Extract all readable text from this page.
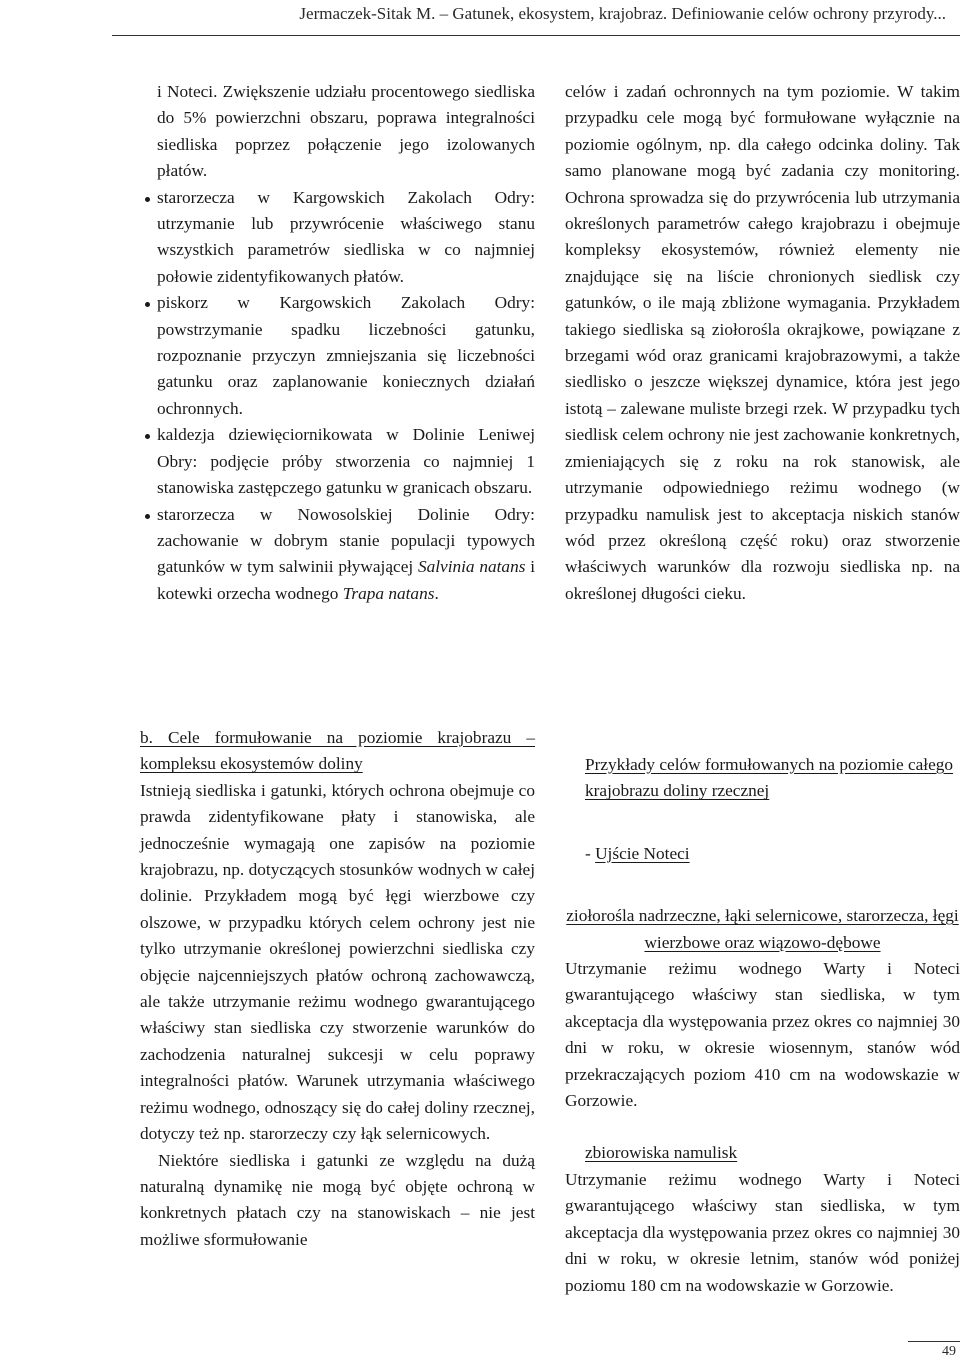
Jermaczek-Sitak M. – Gatunek, ekosystem, krajobraz. Definiowanie celów ochrony przyrody...

i Noteci. Zwiększenie udziału procentowego siedliska do 5% powierzchni obszaru, poprawa integralności siedliska poprzez połączenie jego izolowanych płatów.

starorzecza w Kargowskich Zakolach Odry: utrzymanie lub przywrócenie właściwego stanu wszystkich parametrów siedliska w co najmniej połowie zidentyfikowanych płatów.
piskorz w Kargowskich Zakolach Odry: powstrzymanie spadku liczebności gatunku, rozpoznanie przyczyn zmniejszania się liczebności gatunku oraz zaplanowanie koniecznych działań ochronnych.
kaldezja dziewięciornikowata w Dolinie Leniwej Obry: podjęcie próby stworzenia co najmniej 1 stanowiska zastępczego gatunku w granicach obszaru.
starorzecza w Nowosolskiej Dolinie Odry: zachowanie w dobrym stanie populacji typowych gatunków w tym salwinii pływającej Salvinia natans i kotewki orzecha wodnego Trapa natans.

celów i zadań ochronnych na tym poziomie. W takim przypadku cele mogą być formułowane wyłącznie na poziomie ogólnym, np. dla całego odcinka doliny. Tak samo planowane mogą być zadania czy monitoring. Ochrona sprowadza się do przywrócenia lub utrzymania określonych parametrów całego krajobrazu i obejmuje kompleksy ekosystemów, również elementy nie znajdujące się na liście chronionych siedlisk czy gatunków, o ile mają zbliżone wymagania. Przykładem takiego siedliska są ziołorośla okrajkowe, powiązane z brzegami wód oraz granicami krajobrazowymi, a także siedlisko o jeszcze większej dynamice, która jest jego istotą – zalewane muliste brzegi rzek. W przypadku tych siedlisk celem ochrony nie jest zachowanie konkretnych, zmieniających się z roku na rok stanowisk, ale utrzymanie odpowiedniego reżimu wodnego (w przypadku namulisk jest to akceptacja niskich stanów wód przez określoną część roku) oraz stworzenie właściwych warunków dla rozwoju siedliska np. na określonej długości cieku.

b. Cele formułowanie na poziomie krajobrazu – kompleksu ekosystemów doliny

Istnieją siedliska i gatunki, których ochrona obejmuje co prawda zidentyfikowane płaty i stanowiska, ale jednocześnie wymagają one zapisów na poziomie krajobrazu, np. dotyczących stosunków wodnych w całej dolinie. Przykładem mogą być łęgi wierzbowe czy olszowe, w przypadku których celem ochrony jest nie tylko utrzymanie określonej powierzchni siedliska czy objęcie najcenniejszych płatów ochroną zachowawczą, ale także utrzymanie reżimu wodnego gwarantującego właściwy stan siedliska czy stworzenie warunków do zachodzenia naturalnej sukcesji w celu poprawy integralności płatów. Warunek utrzymania właściwego reżimu wodnego, odnoszący się do całej doliny rzecznej, dotyczy też np. starorzeczy czy łąk selernicowych.

Niektóre siedliska i gatunki ze względu na dużą naturalną dynamikę nie mogą być objęte ochroną w konkretnych płatach czy na stanowiskach – nie jest możliwe sformułowanie

Przykłady celów formułowanych na poziomie całego krajobrazu doliny rzecznej

- Ujście Noteci

ziołorośla nadrzeczne, łąki selernicowe, starorzecza, łęgi wierzbowe oraz wiązowo-dębowe

Utrzymanie reżimu wodnego Warty i Noteci gwarantującego właściwy stan siedliska, w tym akceptacja dla występowania przez okres co najmniej 30 dni w roku, w okresie wiosennym, stanów wód przekraczających poziom 410 cm na wodowskazie w Gorzowie.

zbiorowiska namulisk

Utrzymanie reżimu wodnego Warty i Noteci gwarantującego właściwy stan siedliska, w tym akceptacja dla występowania przez okres co najmniej 30 dni w roku, w okresie letnim, stanów wód poniżej poziomu 180 cm na wodowskazie w Gorzowie.

49
